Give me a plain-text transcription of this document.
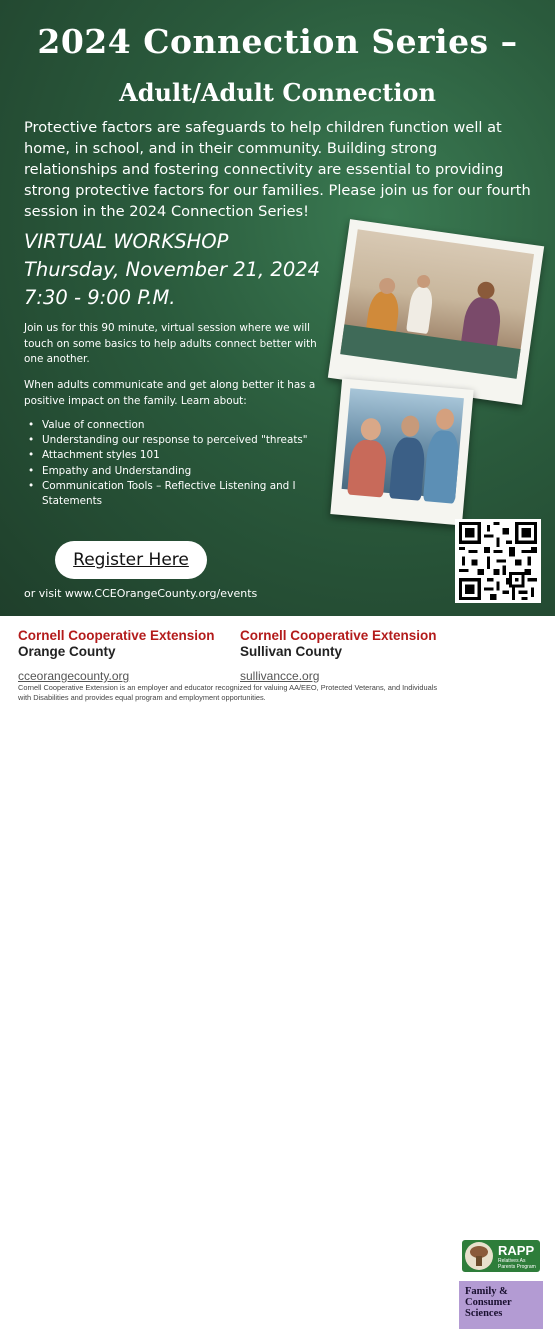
2024 Connection Series –
Adult/Adult Connection
Protective factors are safeguards to help children function well at home, in school, and in their community. Building strong relationships and fostering connectivity are essential to providing strong protective factors for our families. Please join us for our fourth session in the 2024 Connection Series!
VIRTUAL WORKSHOP
Thursday, November 21, 2024
7:30 - 9:00 P.M.
Join us for this 90 minute, virtual session where we will touch on some basics to help adults connect better with one another.
When adults communicate and get along better it has a positive impact on the family. Learn about:
• Value of connection
• Understanding our response to perceived "threats"
• Attachment styles 101
• Empathy and Understanding
• Communication Tools – Reflective Listening and I Statements
Register Here
or visit www.CCEOrangeCounty.org/events
Cornell Cooperative Extension
Orange County
cceorangecounty.org
Cornell Cooperative Extension
Sullivan County
sullivancce.org
RAPP
Relatives As Parents Program
Family & Consumer Sciences
Cornell Cooperative Extension is an employer and educator recognized for valuing AA/EEO, Protected Veterans, and Individuals with Disabilities and provides equal program and employment opportunities.
